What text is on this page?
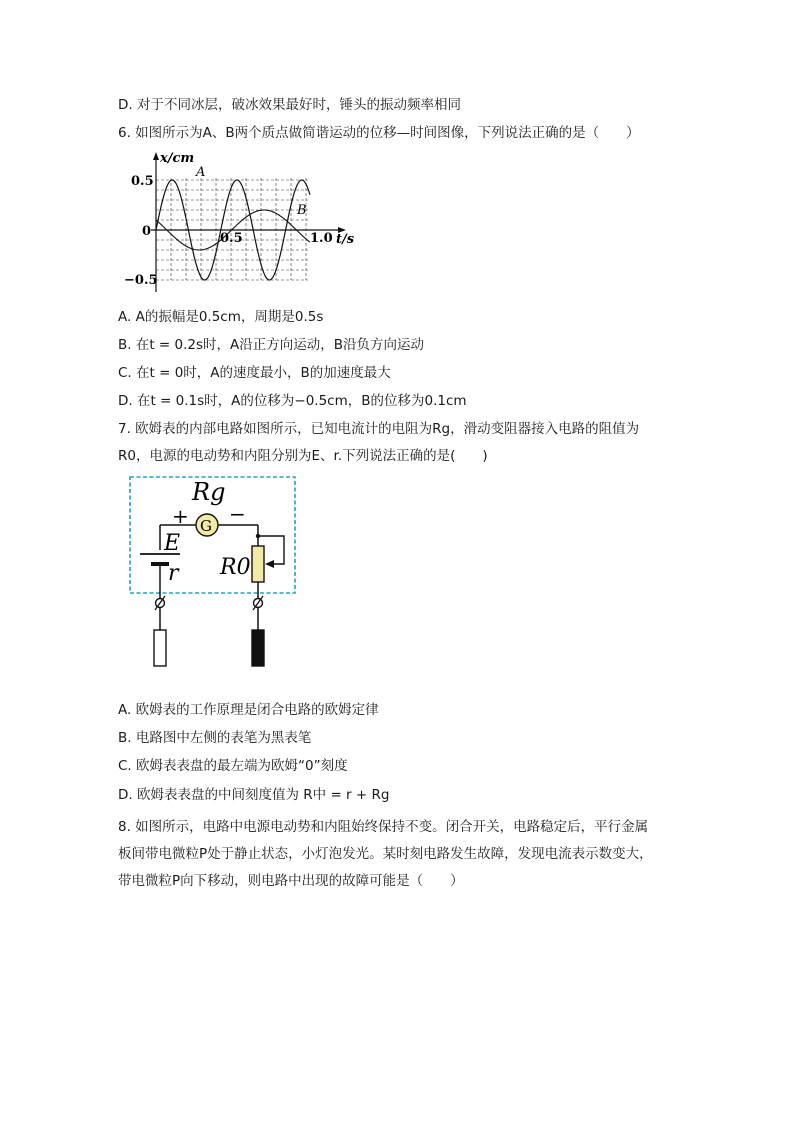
D. 对于不同冰层，破冰效果最好时，锤头的振动频率相同
6. 如图所示为A、B两个质点做简谐运动的位移—时间图像，下列说法正确的是（　　）
x/cm
0.5
0
−0.5
0.5	1.0 t/s
A
B
A. A的振幅是0.5cm，周期是0.5s
B. 在t = 0.2s时，A沿正方向运动，B沿负方向运动
C. 在t = 0时，A的速度最小，B的加速度最大
D. 在t = 0.1s时，A的位移为−0.5cm，B的位移为0.1cm
7. 欧姆表的内部电路如图所示，已知电流计的电阻为Rg，滑动变阻器接入电路的阻值为
R0，电源的电动势和内阻分别为E、r.下列说法正确的是(　　)
G
Rg
+ −
E
r R0
A. 欧姆表的工作原理是闭合电路的欧姆定律
B. 电路图中左侧的表笔为黑表笔
C. 欧姆表表盘的最左端为欧姆“0”刻度
D. 欧姆表表盘的中间刻度值为 R中 = r + Rg
8. 如图所示，电路中电源电动势和内阻始终保持不变。闭合开关，电路稳定后，平行金属
板间带电微粒P处于静止状态，小灯泡发光。某时刻电路发生故障，发现电流表示数变大，
带电微粒P向下移动，则电路中出现的故障可能是（　　）
